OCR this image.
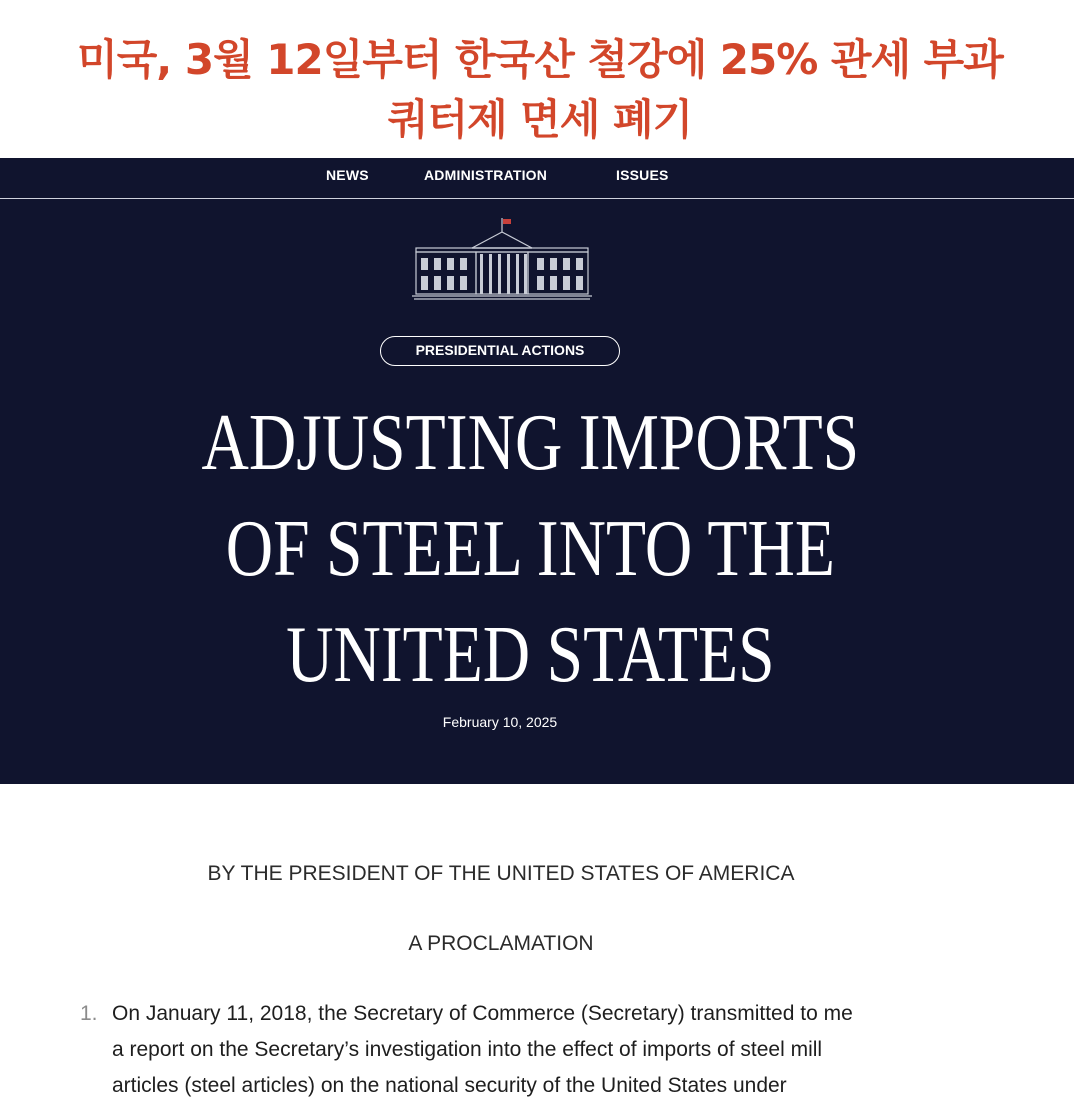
미국, 3월 12일부터 한국산 철강에 25% 관세 부과
쿼터제 면세 폐기
NEWS	ADMINISTRATION	ISSUES
PRESIDENTIAL ACTIONS
ADJUSTING IMPORTS
OF STEEL INTO THE
UNITED STATES
February 10, 2025
BY THE PRESIDENT OF THE UNITED STATES OF AMERICA
A PROCLAMATION
1. On January 11, 2018, the Secretary of Commerce (Secretary) transmitted to me
a report on the Secretary’s investigation into the effect of imports of steel mill
articles (steel articles) on the national security of the United States under
